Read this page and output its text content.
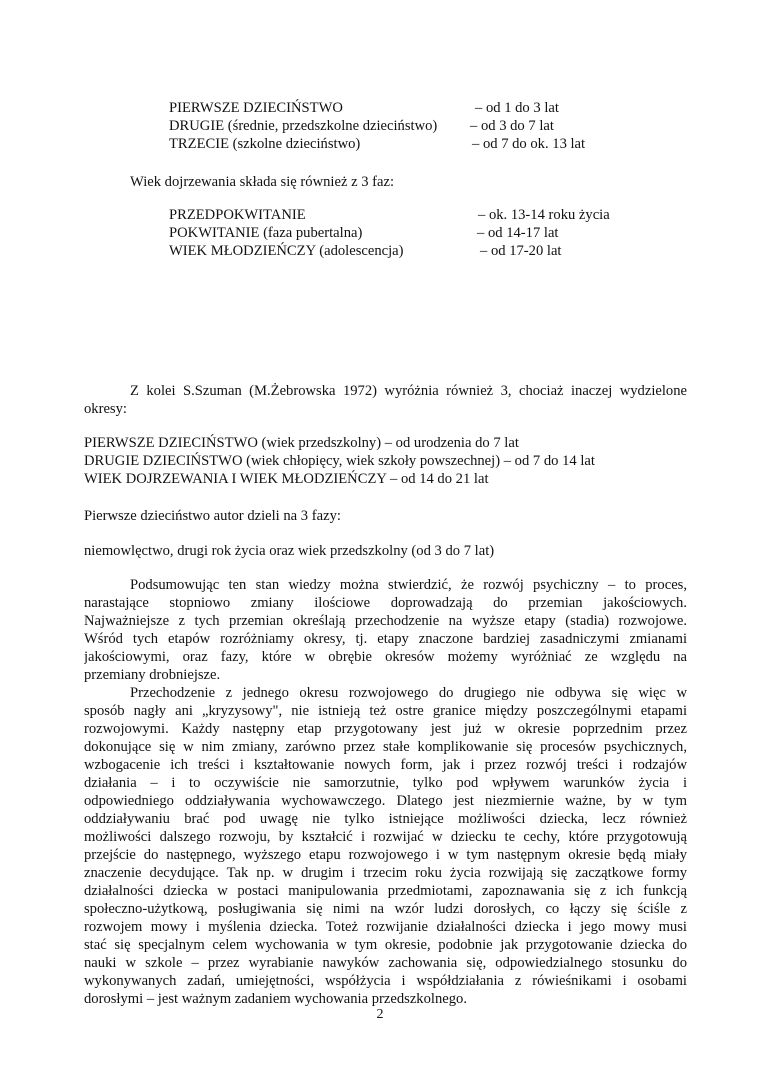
PIERWSZE DZIECIŃSTWO	– od 1 do 3 lat
DRUGIE (średnie, przedszkolne dzieciństwo) – od 3 do 7 lat
TRZECIE (szkolne dzieciństwo)	– od 7 do ok. 13 lat
Wiek dojrzewania składa się również z 3 faz:
PRZEDPOKWITANIE	– ok. 13-14 roku życia
POKWITANIE (faza pubertalna)	– od 14-17 lat
WIEK MŁODZIEŃCZY (adolescencja)	– od 17-20 lat
Z kolei S.Szuman (M.Żebrowska 1972) wyróżnia również 3, chociaż inaczej wydzielone
okresy:
PIERWSZE DZIECIŃSTWO (wiek przedszkolny) – od urodzenia do 7 lat
DRUGIE DZIECIŃSTWO (wiek chłopięcy, wiek szkoły powszechnej) – od 7 do 14 lat
WIEK DOJRZEWANIA I WIEK MŁODZIEŃCZY – od 14 do 21 lat
Pierwsze dzieciństwo autor dzieli na 3 fazy:
niemowlęctwo, drugi rok życia oraz wiek przedszkolny (od 3 do 7 lat)
Podsumowując ten stan wiedzy można stwierdzić, że rozwój psychiczny – to proces,
narastające stopniowo zmiany ilościowe doprowadzają do przemian jakościowych.
Najważniejsze z tych przemian określają przechodzenie na wyższe etapy (stadia) rozwojowe.
Wśród tych etapów rozróżniamy okresy, tj. etapy znaczone bardziej zasadniczymi zmianami
jakościowymi, oraz fazy, które w obrębie okresów możemy wyróżniać ze względu na
przemiany drobniejsze.
Przechodzenie z jednego okresu rozwojowego do drugiego nie odbywa się więc w
sposób nagły ani „kryzysowy", nie istnieją też ostre granice między poszczególnymi etapami
rozwojowymi. Każdy następny etap przygotowany jest już w okresie poprzednim przez
dokonujące się w nim zmiany, zarówno przez stałe komplikowanie się procesów psychicznych,
wzbogacenie ich treści i kształtowanie nowych form, jak i przez rozwój treści i rodzajów
działania – i to oczywiście nie samorzutnie, tylko pod wpływem warunków życia i
odpowiedniego oddziaływania wychowawczego. Dlatego jest niezmiernie ważne, by w tym
oddziaływaniu brać pod uwagę nie tylko istniejące możliwości dziecka, lecz również
możliwości dalszego rozwoju, by kształcić i rozwijać w dziecku te cechy, które przygotowują
przejście do następnego, wyższego etapu rozwojowego i w tym następnym okresie będą miały
znaczenie decydujące. Tak np. w drugim i trzecim roku życia rozwijają się zaczątkowe formy
działalności dziecka w postaci manipulowania przedmiotami, zapoznawania się z ich funkcją
społeczno-użytkową, posługiwania się nimi na wzór ludzi dorosłych, co łączy się ściśle z
rozwojem mowy i myślenia dziecka. Toteż rozwijanie działalności dziecka i jego mowy musi
stać się specjalnym celem wychowania w tym okresie, podobnie jak przygotowanie dziecka do
nauki w szkole – przez wyrabianie nawyków zachowania się, odpowiedzialnego stosunku do
wykonywanych zadań, umiejętności, współżycia i współdziałania z rówieśnikami i osobami
dorosłymi – jest ważnym zadaniem wychowania przedszkolnego.
2
